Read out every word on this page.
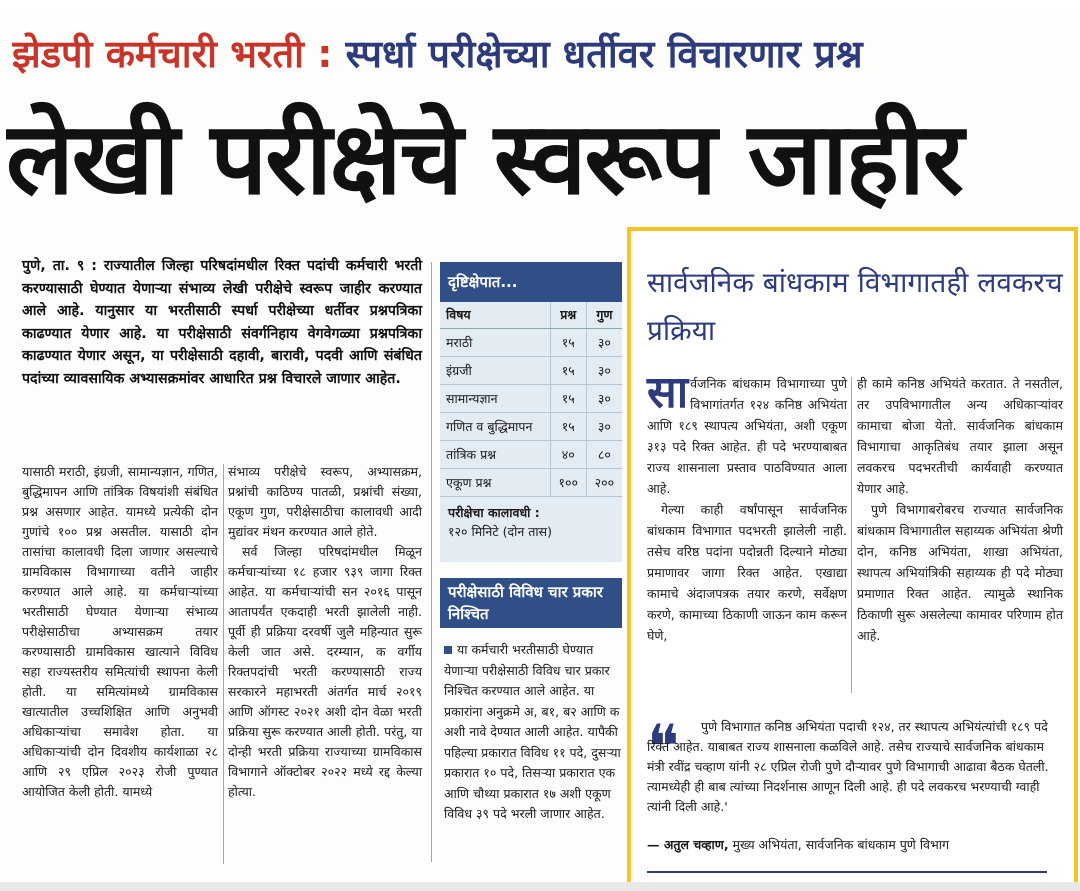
झेडपी कर्मचारी भरती : स्पर्धा परीक्षेच्या धर्तीवर विचारणार प्रश्न
लेखी परीक्षेचे स्वरूप जाहीर
पुणे, ता. ९ : राज्यातील जिल्हा परिषदांमधील रिक्त पदांची कर्मचारी भरती करण्यासाठी घेण्यात येणाऱ्या संभाव्य लेखी परीक्षेचे स्वरूप जाहीर करण्यात आले आहे. यानुसार या भरतीसाठी स्पर्धा परीक्षेच्या धर्तीवर प्रश्नपत्रिका काढण्यात येणार आहे. या परीक्षेसाठी संवर्गनिहाय वेगवेगळ्या प्रश्नपत्रिका काढण्यात येणार असून, या परीक्षेसाठी दहावी, बारावी, पदवी आणि संबंधित पदांच्या व्यावसायिक अभ्यासक्रमांवर आधारित प्रश्न विचारले जाणार आहेत.

यासाठी मराठी, इंग्रजी, सामान्यज्ञान, गणित, बुद्धिमापन आणि तांत्रिक विषयांशी संबंधित प्रश्न असणार आहेत. यामध्ये प्रत्येकी दोन गुणांचे १०० प्रश्न असतील. यासाठी दोन तासांचा कालावधी दिला जाणार असल्याचे ग्रामविकास विभागाच्या वतीने जाहीर करण्यात आले आहे. या कर्मचाऱ्यांच्या भरतीसाठी घेण्यात येणाऱ्या संभाव्य परीक्षेसाठीचा अभ्यासक्रम तयार करण्यासाठी ग्रामविकास खात्याने विविध सहा राज्यस्तरीय समित्यांची स्थापना केली होती. या समित्यांमध्ये ग्रामविकास खात्यातील उच्चशिक्षित आणि अनुभवी अधिकाऱ्यांचा समावेश होता. या अधिकाऱ्यांची दोन दिवशीय कार्यशाळा २८ आणि २९ एप्रिल २०२३ रोजी पुण्यात आयोजित केली होती. यामध्ये

संभाव्य परीक्षेचे स्वरूप, अभ्यासक्रम, प्रश्नांची काठिण्य पातळी, प्रश्नांची संख्या, एकूण गुण, परीक्षेसाठीचा कालावधी आदी मुद्यांवर मंथन करण्यात आले होते.

सर्व जिल्हा परिषदांमधील मिळून कर्मचाऱ्यांच्या १८ हजार ९३९ जागा रिक्त आहेत. या कर्मचाऱ्यांची सन २०१६ पासून आतापर्यंत एकदाही भरती झालेली नाही. पूर्वी ही प्रक्रिया दरवर्षी जुलै महिन्यात सुरू केली जात असे. दरम्यान, क वर्गीय रिक्तपदांची भरती करण्यासाठी राज्य सरकारने महाभरती अंतर्गत मार्च २०१९ आणि ऑगस्ट २०२१ अशी दोन वेळा भरती प्रक्रिया सुरू करण्यात आली होती. परंतु, या दोन्ही भरती प्रक्रिया राज्याच्या ग्रामविकास विभागाने ऑक्टोबर २०२२ मध्ये रद्द केल्या होत्या.

दृष्टिक्षेपात...
विषय	प्रश्न	गुण
मराठी	१५	३०
इंग्रजी	१५	३०
सामान्यज्ञान	१५	३०
गणित व बुद्धिमापन	१५	३०
तांत्रिक प्रश्न	४०	८०
एकूण प्रश्न	१००	२००
परीक्षेचा कालावधी :
१२० मिनिटे (दोन तास)
परीक्षेसाठी विविध चार प्रकार निश्चित
या कर्मचारी भरतीसाठी घेण्यात येणाऱ्या परीक्षेसाठी विविध चार प्रकार निश्चित करण्यात आले आहेत. या प्रकारांना अनुक्रमे अ, ब१, ब२ आणि क अशी नावे देण्यात आली आहेत. यापैकी पहिल्या प्रकारात विविध ११ पदे, दुसऱ्या प्रकारात १० पदे, तिसऱ्या प्रकारात एक आणि चौथ्या प्रकारात १७ अशी एकूण विविध ३९ पदे भरली जाणार आहेत.
सार्वजनिक बांधकाम विभागातही लवकरच प्रक्रिया

सार्वजनिक बांधकाम विभागाच्या पुणे विभागांतर्गत १२४ कनिष्ठ अभियंता आणि १८९ स्थापत्य अभियंता, अशी एकूण ३१३ पदे रिक्त आहेत. ही पदे भरण्याबाबत राज्य शासनाला प्रस्ताव पाठविण्यात आला आहे.

गेल्या काही वर्षांपासून सार्वजनिक बांधकाम विभागात पदभरती झालेली नाही. तसेच वरिष्ठ पदांना पदोन्नती दिल्याने मोठ्या प्रमाणावर जागा रिक्त आहेत. एखाद्या कामाचे अंदाजपत्रक तयार करणे, सर्वेक्षण करणे, कामाच्या ठिकाणी जाऊन काम करून घेणे,

ही कामे कनिष्ठ अभियंते करतात. ते नसतील, तर उपविभागातील अन्य अधिकाऱ्यांवर कामाचा बोजा येतो. सार्वजनिक बांधकाम विभागाचा आकृतिबंध तयार झाला असून लवकरच पदभरतीची कार्यवाही करण्यात येणार आहे.

पुणे विभागाबरोबरच राज्यात सार्वजनिक बांधकाम विभागातील सहाय्यक अभियंता श्रेणी दोन, कनिष्ठ अभियंता, शाखा अभियंता, स्थापत्य अभियांत्रिकी सहाय्यक ही पदे मोठ्या प्रमाणात रिक्त आहेत. त्यामुळे स्थानिक ठिकाणी सुरू असलेल्या कामावर परिणाम होत आहे.

❝	पुणे विभागात कनिष्ठ अभियंता पदाची १२४, तर स्थापत्य अभियंत्यांची १८९ पदे रिक्त आहेत. याबाबत राज्य शासनाला कळविले आहे. तसेच राज्याचे सार्वजनिक बांधकाम मंत्री रवींद्र चव्हाण यांनी २८ एप्रिल रोजी पुणे दौऱ्यावर पुणे विभागाची आढावा बैठक घेतली. त्यामध्येही ही बाब त्यांच्या निदर्शनास आणून दिली आहे. ही पदे लवकरच भरण्याची ग्वाही त्यांनी दिली आहे.'
— अतुल चव्हाण, मुख्य अभियंता, सार्वजनिक बांधकाम पुणे विभाग
